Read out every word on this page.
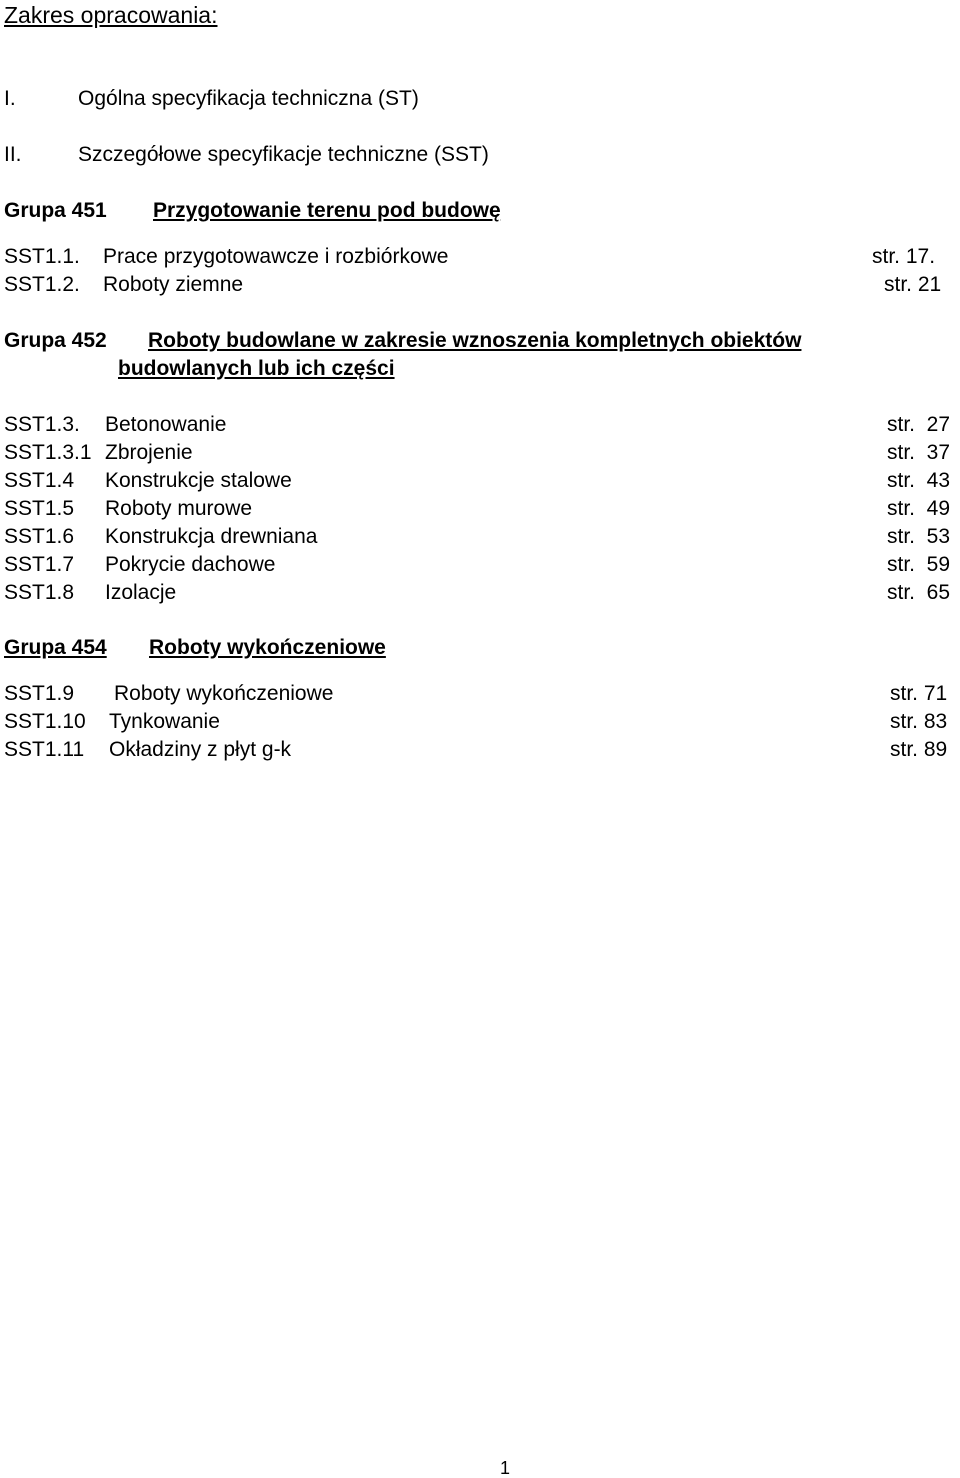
Zakres opracowania:
I.	Ogólna specyfikacja techniczna (ST)
II.	Szczegółowe specyfikacje techniczne (SST)
Grupa 451 Przygotowanie terenu pod budowę
SST1.1. Prace przygotowawcze i rozbiórkowe	str. 17.
SST1.2. Roboty ziemne	str. 21
Grupa 452 Roboty budowlane w zakresie wznoszenia kompletnych obiektów
budowlanych lub ich części
SST1.3. Betonowanie	str.  27
SST1.3.1 Zbrojenie	str.  37
SST1.4 Konstrukcje stalowe	str.  43
SST1.5 Roboty murowe	str.  49
SST1.6 Konstrukcja drewniana	str.  53
SST1.7 Pokrycie dachowe	str.  59
SST1.8 Izolacje	str.  65
Grupa 454 Roboty wykończeniowe
SST1.9 Roboty wykończeniowe	str. 71
SST1.10 Tynkowanie	str. 83
SST1.11 Okładziny z płyt g-k	str. 89
1
